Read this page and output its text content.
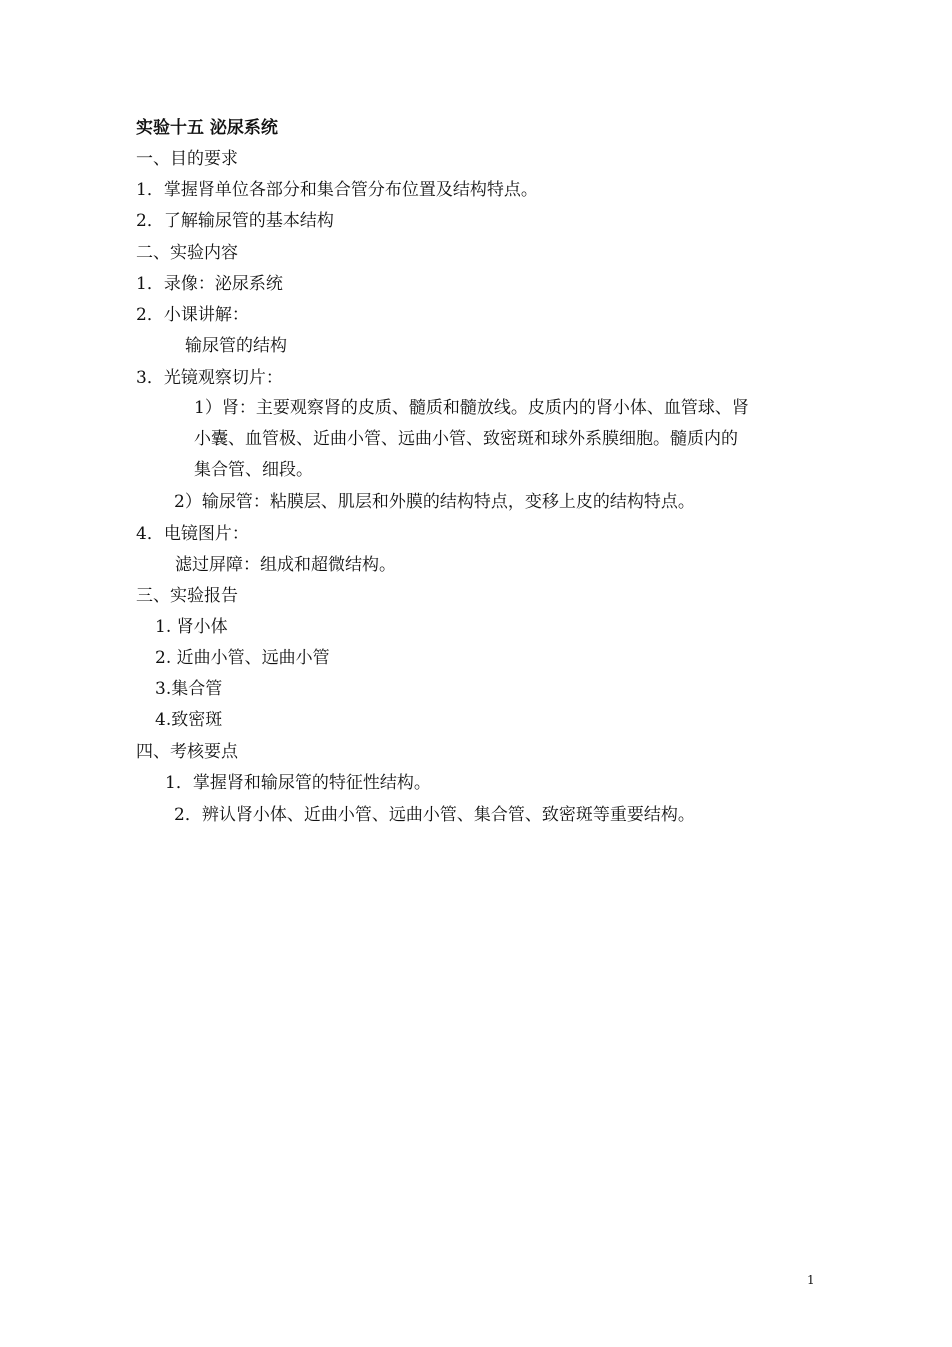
实验十五 泌尿系统
一、目的要求
1．掌握肾单位各部分和集合管分布位置及结构特点。
2．了解输尿管的基本结构
二、实验内容
1．录像：泌尿系统
2．小课讲解：
输尿管的结构
3．光镜观察切片：
1）肾：主要观察肾的皮质、髓质和髓放线。皮质内的肾小体、血管球、肾
小囊、血管极、近曲小管、远曲小管、致密斑和球外系膜细胞。髓质内的
集合管、细段。
2）输尿管：粘膜层、肌层和外膜的结构特点，变移上皮的结构特点。
4．电镜图片：
滤过屏障：组成和超微结构。
三、实验报告
1. 肾小体
2. 近曲小管、远曲小管
3.集合管
4.致密斑
四、考核要点
1．掌握肾和输尿管的特征性结构。
2．辨认肾小体、近曲小管、远曲小管、集合管、致密斑等重要结构。
1
